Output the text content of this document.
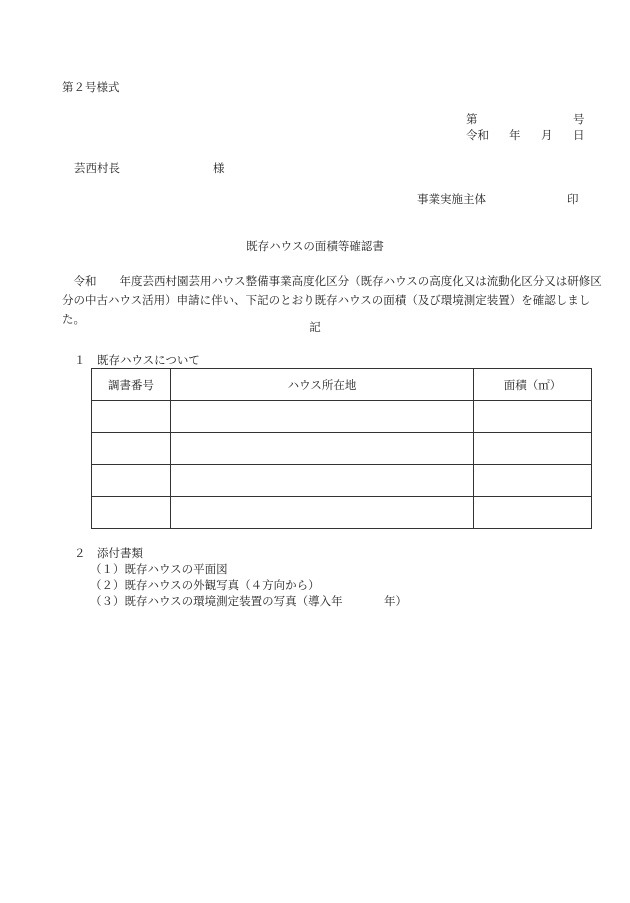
第２号様式
第	号
令和 年 月 日
芸西村長	様
事業実施主体	印
既存ハウスの面積等確認書
　令和　　年度芸西村園芸用ハウス整備事業高度化区分（既存ハウスの高度化又は流動化区分又は研修区分の中古ハウス活用）申請に伴い、下記のとおり既存ハウスの面積（及び環境測定装置）を確認しました。
記
１　既存ハウスについて
調書番号	ハウス所在地	面積（㎡）

２　添付書類
（１）既存ハウスの平面図
（２）既存ハウスの外観写真（４方向から）
（３）既存ハウスの環境測定装置の写真（導入年	年）
